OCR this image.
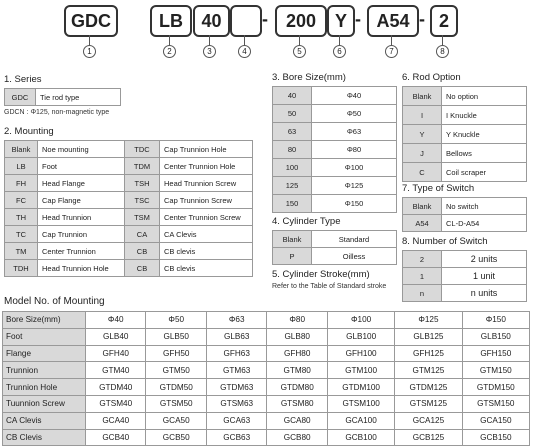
GDC	LB	40	- 200	Y - A54 - 2
1	2	3	4	5	6	7	8
1. Series
GDC	Tie rod type
GDCN : Φ125, non-magnetic type
2. Mounting
Blank	Noe mounting	TDC	Cap Trunnion Hole
LB	Foot	TDM	Center Trunnion Hole
FH	Head Flange	TSH	Head Trunnion Screw
FC	Cap Flange	TSC	Cap Trunnion Screw
TH	Head Trunnion	TSM	Center Trunnion Screw
TC	Cap Trunnion	CA	CA Clevis
TM	Center Trunnion	CB	CB clevis
TDH	Head Trunnion Hole	CB	CB clevis
3. Bore Size(mm)
40	Φ40
50	Φ50
63	Φ63
80	Φ80
100	Φ100
125	Φ125
150	Φ150
4. Cylinder Type
Blank	Standard
P	Oilless
5. Cylinder Stroke(mm)
Refer to the Table of Standard stroke
6. Rod Option
Blank	No option
I	I Knuckle
Y	Y Knuckle
J	Bellows
C	Coil scraper
7. Type of Switch
Blank	No switch
A54	CL-D-A54
8. Number of Switch
2	2 units
1	1 unit
n	n units
Model No. of Mounting
Bore Size(mm)	Φ40	Φ50	Φ63	Φ80	Φ100	Φ125	Φ150
Foot	GLB40	GLB50	GLB63	GLB80	GLB100	GLB125	GLB150
Flange	GFH40	GFH50	GFH63	GFH80	GFH100	GFH125	GFH150
Trunnion	GTM40	GTM50	GTM63	GTM80	GTM100	GTM125	GTM150
Trunnion Hole	GTDM40	GTDM50	GTDM63	GTDM80	GTDM100	GTDM125	GTDM150
Tuunnion Screw	GTSM40	GTSM50	GTSM63	GTSM80	GTSM100	GTSM125	GTSM150
CA Clevis	GCA40	GCA50	GCA63	GCA80	GCA100	GCA125	GCA150
CB Clevis	GCB40	GCB50	GCB63	GCB80	GCB100	GCB125	GCB150
